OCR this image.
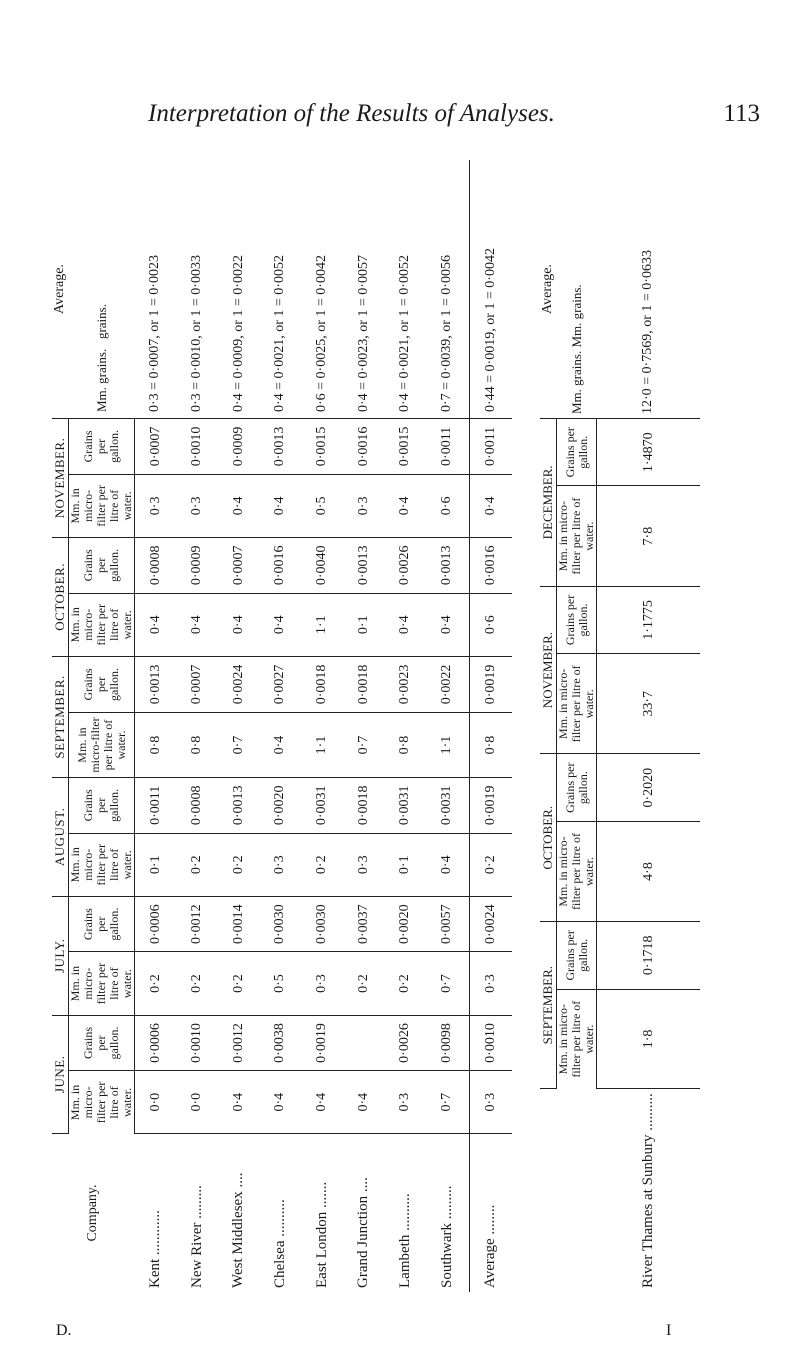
Interpretation of the Results of Analyses.	113
Company.	JUNE.		JULY.		AUGUST.		SEPTEMBER.		OCTOBER.		NOVEMBER.		Average.
	Mm. in micro-filter per litre of water.	Grains per gallon.	Mm. in micro-filter per litre of water.	Grains per gallon.	Mm. in micro-filter per litre of water.	Grains per gallon.	Mm. in micro-filter per litre of water.	Grains per gallon.	Mm. in micro-filter per litre of water.	Grains per gallon.	Mm. in micro-filter per litre of water.	Grains per gallon.	Mm. grains.   grains.
Kent ............	0·0	0·0006	0·2	0·0006	0·1	0·0011	0·8	0·0013	0·4	0·0008	0·3	0·0007	0·3 = 0·0007, or 1 = 0·0023
New River .........	0·0	0·0010	0·2	0·0012	0·2	0·0008	0·8	0·0007	0·4	0·0009	0·3	0·0010	0·3 = 0·0010, or 1 = 0·0033
West Middlesex ....	0·4	0·0012	0·2	0·0014	0·2	0·0013	0·7	0·0024	0·4	0·0007	0·4	0·0009	0·4 = 0·0009, or 1 = 0·0022
Chelsea ..........	0·4	0·0038	0·5	0·0030	0·3	0·0020	0·4	0·0027	0·4	0·0016	0·4	0·0013	0·4 = 0·0021, or 1 = 0·0052
East London .......	0·4	0·0019	0·3	0·0030	0·2	0·0031	1·1	0·0018	1·1	0·0040	0·5	0·0015	0·6 = 0·0025, or 1 = 0·0042
Grand Junction ....	0·4		0·2	0·0037	0·3	0·0018	0·7	0·0018	0·1	0·0013	0·3	0·0016	0·4 = 0·0023, or 1 = 0·0057
Lambeth ..........	0·3	0·0026	0·2	0·0020	0·1	0·0031	0·8	0·0023	0·4	0·0026	0·4	0·0015	0·4 = 0·0021, or 1 = 0·0052
Southwark .........	0·7	0·0098	0·7	0·0057	0·4	0·0031	1·1	0·0022	0·4	0·0013	0·6	0·0011	0·7 = 0·0039, or 1 = 0·0056
Average ........	0·3	0·0010	0·3	0·0024	0·2	0·0019	0·8	0·0019	0·6	0·0016	0·4	0·0011	0·44 = 0·0019, or 1 = 0·0042
	SEPTEMBER.		OCTOBER.		NOVEMBER.		DECEMBER.		Average.
	Mm. in micro-filter per litre of water.	Grains per gallon.	Mm. in micro-filter per litre of water.	Grains per gallon.	Mm. in micro-filter per litre of water.	Grains per gallon.	Mm. in micro-filter per litre of water.	Grains per gallon.	Mm. grains. Mm. grains.
River Thames at Sunbury ..........	1·8	0·1718	4·8	0·2020	33·7	1·1775	7·8	1·4870	12·0 = 0·7569, or 1 = 0·0633
D.	I
